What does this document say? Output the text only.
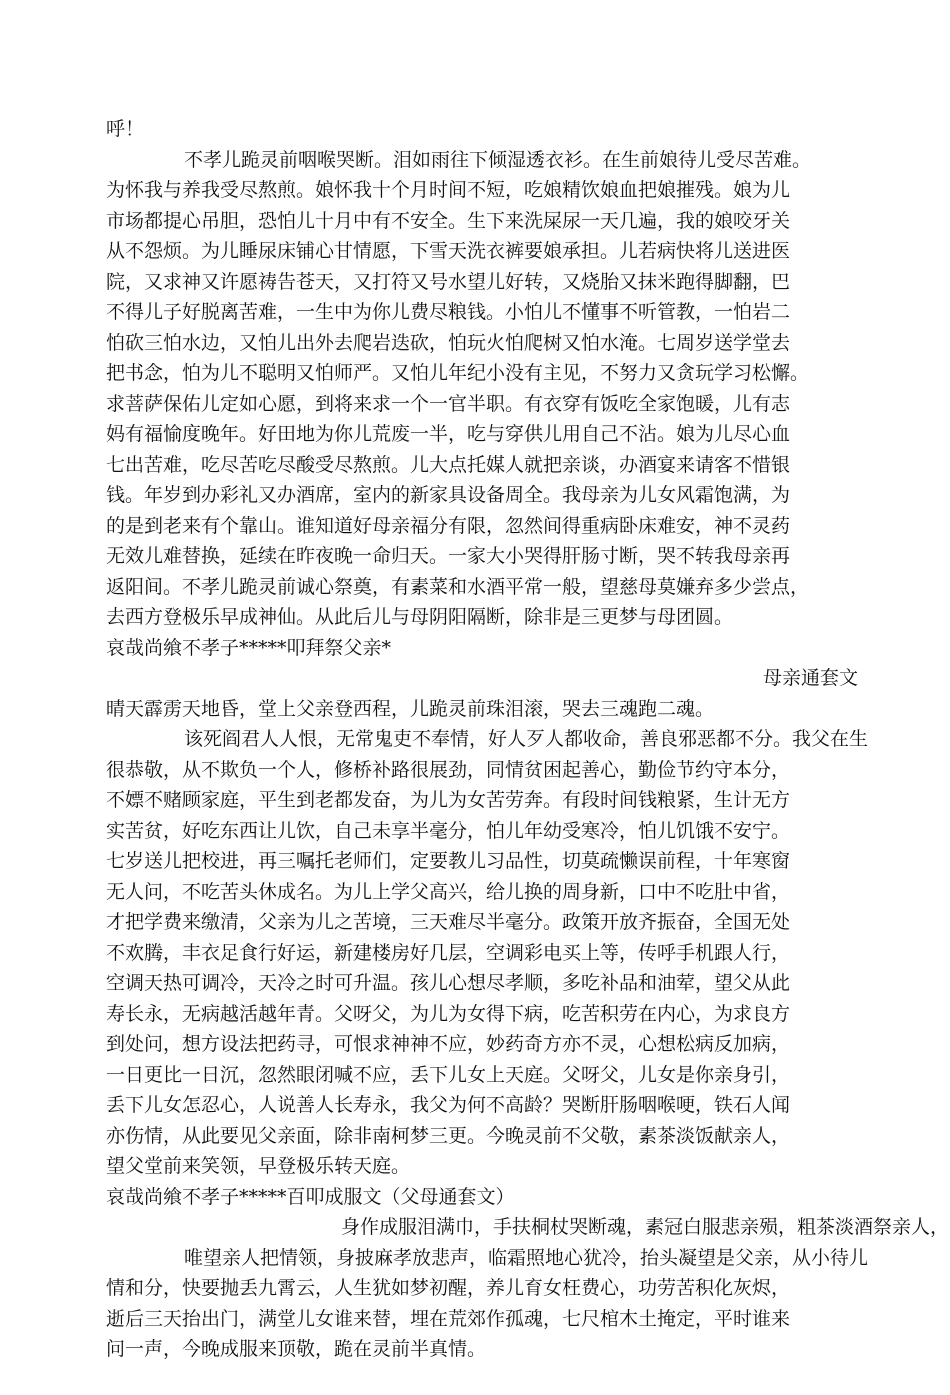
呼！
不孝儿跪灵前咽喉哭断。泪如雨往下倾湿透衣衫。在生前娘待儿受尽苦难。
为怀我与养我受尽熬煎。娘怀我十个月时间不短，吃娘精饮娘血把娘摧残。娘为儿
市场都提心吊胆，恐怕儿十月中有不安全。生下来洗屎尿一天几遍，我的娘咬牙关
从不怨烦。为儿睡尿床铺心甘情愿，下雪天洗衣裤要娘承担。儿若病快将儿送进医
院，又求神又许愿祷告苍天，又打符又号水望儿好转，又烧胎又抹米跑得脚翻，巴
不得儿子好脱离苦难，一生中为你儿费尽粮钱。小怕儿不懂事不听管教，一怕岩二
怕砍三怕水边，又怕儿出外去爬岩迭砍，怕玩火怕爬树又怕水淹。七周岁送学堂去
把书念，怕为儿不聪明又怕师严。又怕儿年纪小没有主见，不努力又贪玩学习松懈。
求菩萨保佑儿定如心愿，到将来求一个一官半职。有衣穿有饭吃全家饱暖，儿有志
妈有福愉度晚年。好田地为你儿荒废一半，吃与穿供儿用自己不沾。娘为儿尽心血
七出苦难，吃尽苦吃尽酸受尽熬煎。儿大点托媒人就把亲谈，办酒宴来请客不惜银
钱。年岁到办彩礼又办酒席，室内的新家具设备周全。我母亲为儿女风霜饱满，为
的是到老来有个靠山。谁知道好母亲福分有限，忽然间得重病卧床难安，神不灵药
无效儿难替换，延续在昨夜晚一命归天。一家大小哭得肝肠寸断，哭不转我母亲再
返阳间。不孝儿跪灵前诚心祭奠，有素菜和水酒平常一般，望慈母莫嫌弃多少尝点，
去西方登极乐早成神仙。从此后儿与母阴阳隔断，除非是三更梦与母团圆。
哀哉尚飨不孝子*****叩拜祭父亲*
母亲通套文
晴天霹雳天地昏，堂上父亲登西程，儿跪灵前珠泪滚，哭去三魂跑二魂。
该死阎君人人恨，无常鬼吏不奉情，好人歹人都收命，善良邪恶都不分。我父在生
很恭敬，从不欺负一个人，修桥补路很展劲，同情贫困起善心，勤俭节约守本分，
不嫖不赌顾家庭，平生到老都发奋，为儿为女苦劳奔。有段时间钱粮紧，生计无方
实苦贫，好吃东西让儿饮，自己未享半毫分，怕儿年幼受寒冷，怕儿饥饿不安宁。
七岁送儿把校进，再三嘱托老师们，定要教儿习品性，切莫疏懒误前程，十年寒窗
无人问，不吃苦头休成名。为儿上学父高兴，给儿换的周身新，口中不吃肚中省，
才把学费来缴清，父亲为儿之苦境，三天难尽半毫分。政策开放齐振奋，全国无处
不欢腾，丰衣足食行好运，新建楼房好几层，空调彩电买上等，传呼手机跟人行，
空调天热可调冷，天冷之时可升温。孩儿心想尽孝顺，多吃补品和油荤，望父从此
寿长永，无病越活越年青。父呀父，为儿为女得下病，吃苦积劳在内心，为求良方
到处问，想方设法把药寻，可恨求神神不应，妙药奇方亦不灵，心想松病反加病，
一日更比一日沉，忽然眼闭喊不应，丢下儿女上天庭。父呀父，儿女是你亲身引，
丢下儿女怎忍心，人说善人长寿永，我父为何不高龄？哭断肝肠咽喉哽，铁石人闻
亦伤情，从此要见父亲面，除非南柯梦三更。今晚灵前不父敬，素茶淡饭献亲人，
望父堂前来笑领，早登极乐转天庭。
哀哉尚飨不孝子*****百叩成服文（父母通套文）
身作成服泪满巾，手扶桐杖哭断魂，素冠白服悲亲殒，粗茶淡酒祭亲人，
唯望亲人把情领，身披麻孝放悲声，临霜照地心犹冷，抬头凝望是父亲，从小待儿
情和分，快要抛丢九霄云，人生犹如梦初醒，养儿育女枉费心，功劳苦积化灰烬，
逝后三天抬出门，满堂儿女谁来替，埋在荒郊作孤魂，七尺棺木土掩定，平时谁来
问一声，今晚成服来顶敬，跪在灵前半真情。
